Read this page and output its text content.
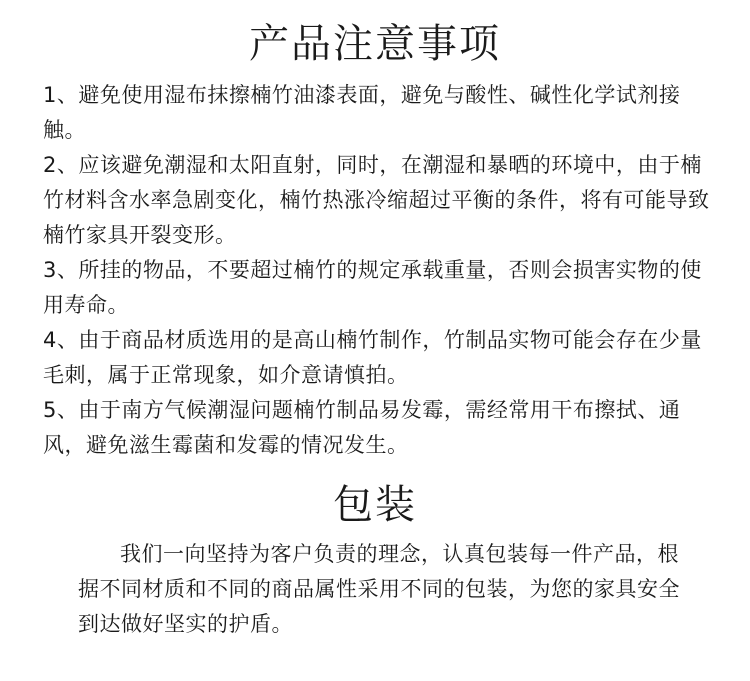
产品注意事项
1、避免使用湿布抹擦楠竹油漆表面，避免与酸性、碱性化学试剂接触。
2、应该避免潮湿和太阳直射，同时，在潮湿和暴晒的环境中，由于楠竹材料含水率急剧变化，楠竹热涨冷缩超过平衡的条件，将有可能导致楠竹家具开裂变形。
3、所挂的物品，不要超过楠竹的规定承载重量，否则会损害实物的使用寿命。
4、由于商品材质选用的是高山楠竹制作，竹制品实物可能会存在少量毛刺，属于正常现象，如介意请慎拍。
5、由于南方气候潮湿问题楠竹制品易发霉，需经常用干布擦拭、通风，避免滋生霉菌和发霉的情况发生。
包装

我们一向坚持为客户负责的理念，认真包装每一件产品，根据不同材质和不同的商品属性采用不同的包装，为您的家具安全到达做好坚实的护盾。
